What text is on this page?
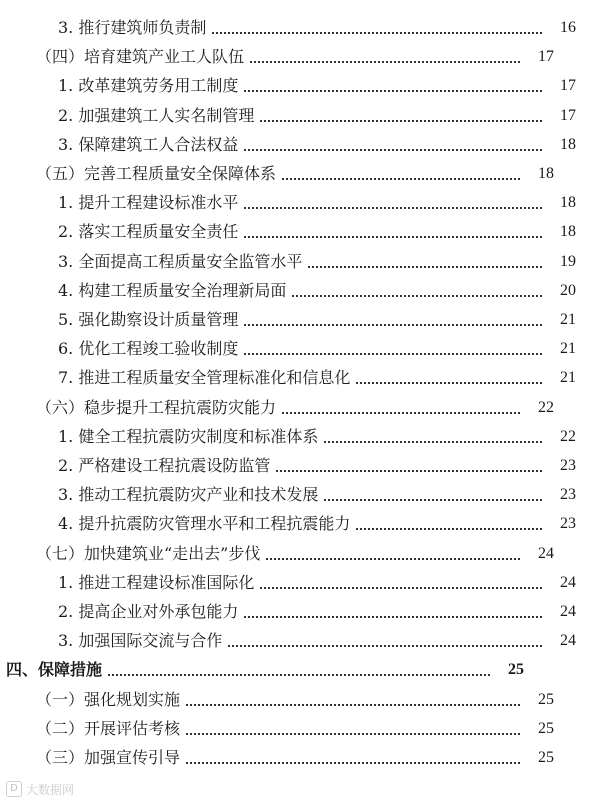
3. 推行建筑师负责制	16
（四）培育建筑产业工人队伍	17
1. 改革建筑劳务用工制度	17
2. 加强建筑工人实名制管理	17
3. 保障建筑工人合法权益	18
（五）完善工程质量安全保障体系	18
1. 提升工程建设标准水平	18
2. 落实工程质量安全责任	18
3. 全面提高工程质量安全监管水平	19
4. 构建工程质量安全治理新局面	20
5. 强化勘察设计质量管理	21
6. 优化工程竣工验收制度	21
7. 推进工程质量安全管理标准化和信息化	21
（六）稳步提升工程抗震防灾能力	22
1. 健全工程抗震防灾制度和标准体系	22
2. 严格建设工程抗震设防监管	23
3. 推动工程抗震防灾产业和技术发展	23
4. 提升抗震防灾管理水平和工程抗震能力	23
（七）加快建筑业“走出去”步伐	24
1. 推进工程建设标准国际化	24
2. 提高企业对外承包能力	24
3. 加强国际交流与合作	24
四、保障措施	25
（一）强化规划实施	25
（二）开展评估考核	25
（三）加强宣传引导	25
D 大数据网
